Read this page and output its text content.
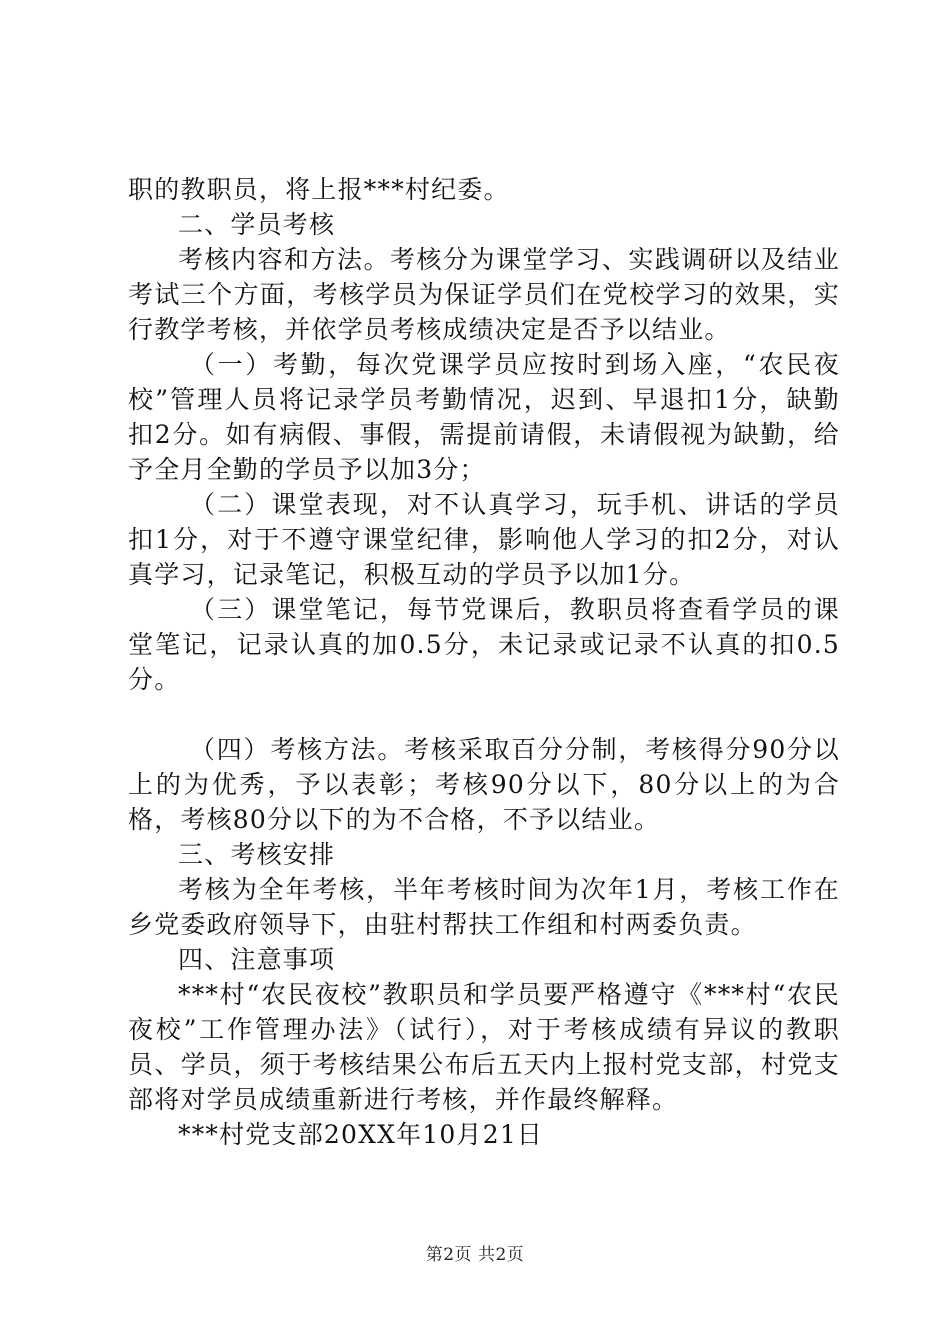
职的教职员，将上报***村纪委。

二、学员考核

考核内容和方法。考核分为课堂学习、实践调研以及结业考试三个方面，考核学员为保证学员们在党校学习的效果，实行教学考核，并依学员考核成绩决定是否予以结业。

（一）考勤，每次党课学员应按时到场入座，“农民夜校”管理人员将记录学员考勤情况，迟到、早退扣1分，缺勤扣2分。如有病假、事假，需提前请假，未请假视为缺勤，给予全月全勤的学员予以加3分；

（二）课堂表现，对不认真学习，玩手机、讲话的学员扣1分，对于不遵守课堂纪律，影响他人学习的扣2分，对认真学习，记录笔记，积极互动的学员予以加1分。

（三）课堂笔记，每节党课后，教职员将查看学员的课堂笔记，记录认真的加0.5分，未记录或记录不认真的扣0.5分。

（四）考核方法。考核采取百分分制，考核得分90分以上的为优秀，予以表彰；考核90分以下，80分以上的为合格，考核80分以下的为不合格，不予以结业。

三、考核安排

考核为全年考核，半年考核时间为次年1月，考核工作在乡党委政府领导下，由驻村帮扶工作组和村两委负责。

四、注意事项

***村“农民夜校”教职员和学员要严格遵守《***村“农民夜校”工作管理办法》（试行），对于考核成绩有异议的教职员、学员，须于考核结果公布后五天内上报村党支部，村党支部将对学员成绩重新进行考核，并作最终解释。

***村党支部20XX年10月21日

第2页 共2页
